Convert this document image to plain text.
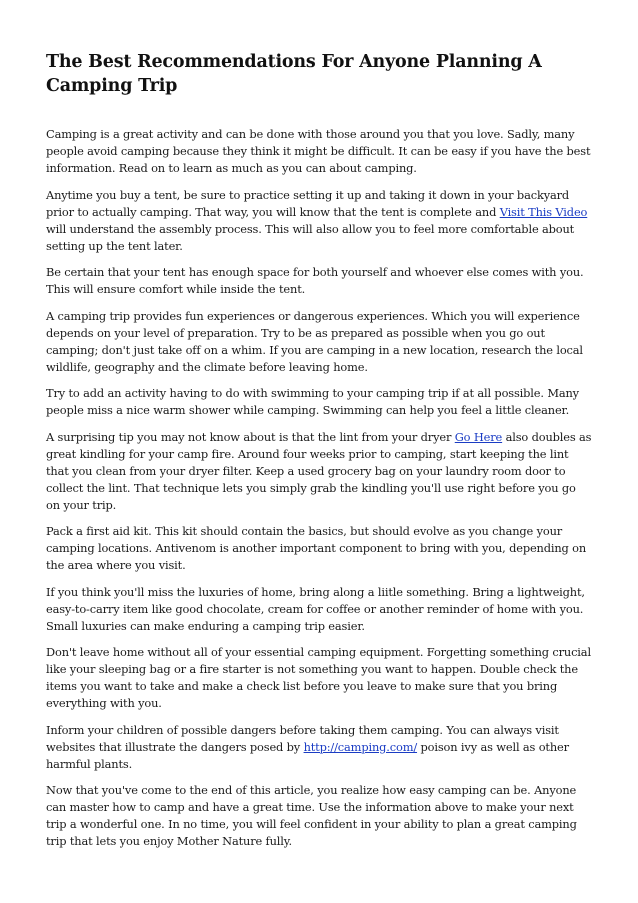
The Best Recommendations For Anyone Planning A Camping Trip

Camping is a great activity and can be done with those around you that you love. Sadly, many people avoid camping because they think it might be difficult. It can be easy if you have the best information. Read on to learn as much as you can about camping.

Anytime you buy a tent, be sure to practice setting it up and taking it down in your backyard prior to actually camping. That way, you will know that the tent is complete and Visit This Video will understand the assembly process. This will also allow you to feel more comfortable about setting up the tent later.

Be certain that your tent has enough space for both yourself and whoever else comes with you. This will ensure comfort while inside the tent.

A camping trip provides fun experiences or dangerous experiences. Which you will experience depends on your level of preparation. Try to be as prepared as possible when you go out camping; don't just take off on a whim. If you are camping in a new location, research the local wildlife, geography and the climate before leaving home.

Try to add an activity having to do with swimming to your camping trip if at all possible. Many people miss a nice warm shower while camping. Swimming can help you feel a little cleaner.

A surprising tip you may not know about is that the lint from your dryer Go Here also doubles as great kindling for your camp fire. Around four weeks prior to camping, start keeping the lint that you clean from your dryer filter. Keep a used grocery bag on your laundry room door to collect the lint. That technique lets you simply grab the kindling you'll use right before you go on your trip.

Pack a first aid kit. This kit should contain the basics, but should evolve as you change your camping locations. Antivenom is another important component to bring with you, depending on the area where you visit.

If you think you'll miss the luxuries of home, bring along a liitle something. Bring a lightweight, easy-to-carry item like good chocolate, cream for coffee or another reminder of home with you. Small luxuries can make enduring a camping trip easier.

Don't leave home without all of your essential camping equipment. Forgetting something crucial like your sleeping bag or a fire starter is not something you want to happen. Double check the items you want to take and make a check list before you leave to make sure that you bring everything with you.

Inform your children of possible dangers before taking them camping. You can always visit websites that illustrate the dangers posed by http://camping.com/ poison ivy as well as other harmful plants.

Now that you've come to the end of this article, you realize how easy camping can be. Anyone can master how to camp and have a great time. Use the information above to make your next trip a wonderful one. In no time, you will feel confident in your ability to plan a great camping trip that lets you enjoy Mother Nature fully.
